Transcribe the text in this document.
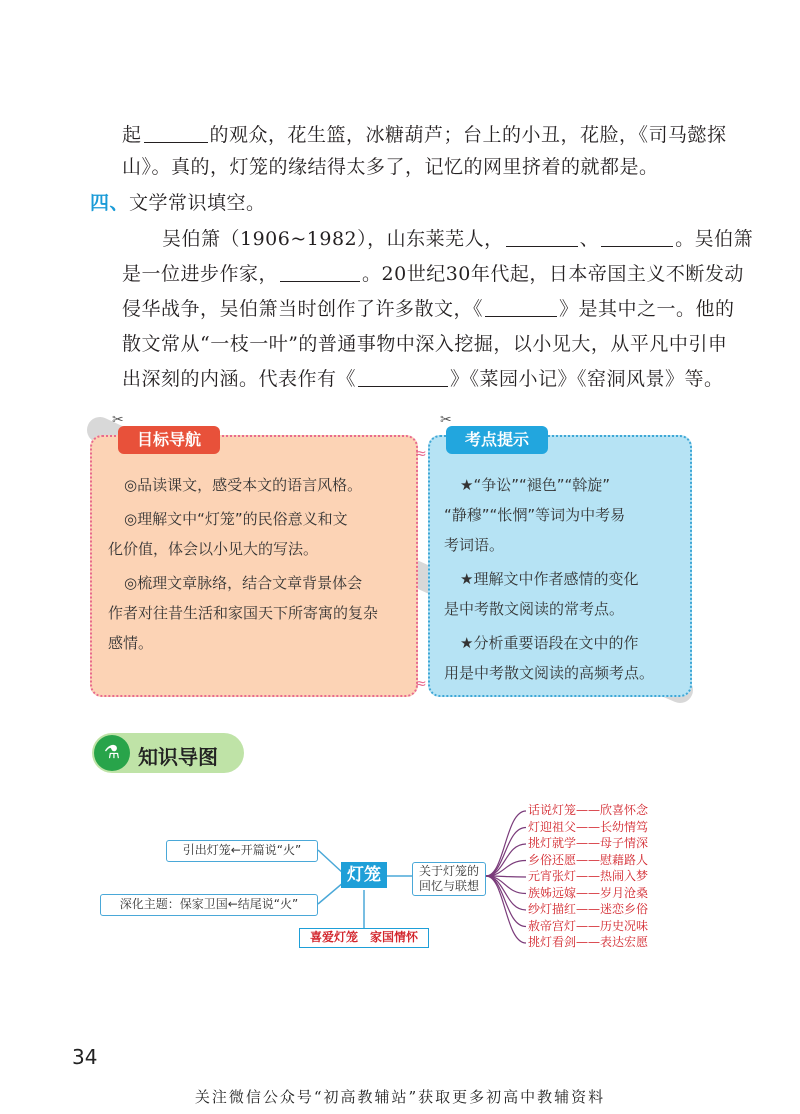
起	的观众，花生篮，冰糖葫芦；台上的小丑，花脸，《司马懿探
山》。真的，灯笼的缘结得太多了，记忆的网里挤着的就都是。
四、文学常识填空。
吴伯箫（1906~1982），山东莱芜人，	、	。吴伯箫
是一位进步作家，	。20世纪30年代起，日本帝国主义不断发动
侵华战争，吴伯箫当时创作了许多散文，《	》是其中之一。他的
散文常从“一枝一叶”的普通事物中深入挖掘，以小见大，从平凡中引申
出深刻的内涵。代表作有《	》《菜园小记》《窑洞风景》等。
目标导航
✂
◎品读课文，感受本文的语言风格。
◎理解文中“灯笼”的民俗意义和文
化价值，体会以小见大的写法。
◎梳理文章脉络，结合文章背景体会
作者对往昔生活和家国天下所寄寓的复杂
感情。
考点提示
✂
★“争讼”“褪色”“斡旋”
“静穆”“怅惘”等词为中考易
考词语。
★理解文中作者感情的变化
是中考散文阅读的常考点。
★分析重要语段在文中的作
用是中考散文阅读的高频考点。
≈
≈
⚗ 知识导图
引出灯笼←开篇说“火”
深化主题：保家卫国←结尾说“火”
灯笼
喜爱灯笼　家国情怀
关于灯笼的
回忆与联想
话说灯笼——欣喜怀念
灯迎祖父——长幼情笃
挑灯就学——母子情深
乡俗还愿——慰藉路人
元宵张灯——热闹入梦
族姊远嫁——岁月沧桑
纱灯描红——迷恋乡俗
赦帝宫灯——历史况味
挑灯看剑——表达宏愿
34
关注微信公众号“初高教辅站”获取更多初高中教辅资料
